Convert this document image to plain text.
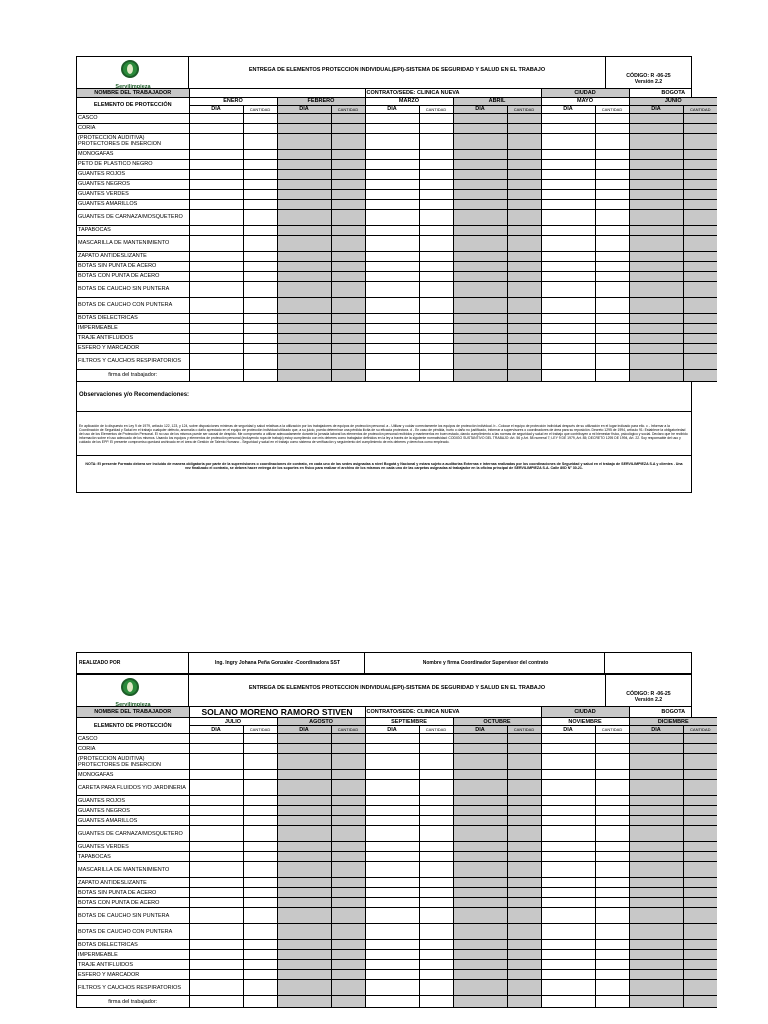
Servilimpieza
ENTREGA DE ELEMENTOS PROTECCION INDIVIDUAL(EPI)-SISTEMA DE SEGURIDAD Y SALUD EN EL TRABAJO
CÓDIGO: R -06-25
Versión 2.2
NOMBRE DEL TRABAJADOR					CONTRATO/SEDE: CLINICA NUEVA				CIUDAD		BOGOTA	
ELEMENTO DE PROTECCIÓN	ENERO		FEBRERO		MARZO		ABRIL		MAYO		JUNIO	
	DIA	CANTIDAD	DIA	CANTIDAD	DIA	CANTIDAD	DIA	CANTIDAD	DIA	CANTIDAD	DIA	CANTIDAD
CASCO												
CORIA												
(PROTECCION AUDITIVA) PROTECTORES DE INSERCION												
MONOGAFAS												
PETO DE PLASTICO NEGRO												
GUANTES ROJOS												
GUANTES NEGROS												
GUANTES VERDES												
GUANTES AMARILLOS												
GUANTES DE CARNAZA/MOSQUETERO												
TAPABOCAS												
MASCARILLA DE MANTENIMIENTO												
ZAPATO ANTIDESLIZANTE												
BOTAS SIN PUNTA DE ACERO												
BOTAS CON PUNTA DE ACERO												
BOTAS DE CAUCHO SIN PUNTERA												
BOTAS DE CAUCHO CON PUNTERA												
BOTAS DIELECTRICAS												
IMPERMEABLE												
TRAJE ANTIFLUIDOS												
ESFERO Y MARCADOR												
FILTROS Y CAUCHOS RESPIRATORIOS												
firma del trabajador:												
Observaciones y/o Recomendaciones:
En aplicación de lo dispuesto en Ley 9 de 1979, artículo 122, 123, y 124, sobre disposiciones mínimas de seguridad y salud relativas a la utilización por los trabajadores de equipos de protección personal. a - Utilizar y cuidar correctamente los equipos de protección individual. b - Colocar el equipo de protección individual después de su utilización en el lugar indicado para ello. c - Informar a la Coordinación de Seguridad y Salud en el trabajo cualquier defecto, anomalía o daño apreciado en el equipo de protección individual utilizado que, a su juicio, pueda determinar una pérdida ilícita de su eficacia protectora. d - En caso de pérdida, hurto o daño no justificado, informar a supervisores o coordinadores de área para su reposición. Decreto 1295 de 1994, artículo 91: Establece la obligatoriedad del uso de los Elementos de Protección Personal. El no uso de los mismos puede ser causal de despido. Me comprometo a utilizar adecuadamente durante la jornada laboral los elementos de protección personal recibidos y mantenerlos en buen estado, dando cumplimiento a las normas de seguridad y salud en el trabajo que contribuyen a mi bienestar físico, psicológico y social. Declaro que he recibido información sobre el uso adecuado de los mismos. Usando los equipos y elementos de protección personal (incluyendo ropa de trabajo) estoy cumpliendo con mis deberes como trabajador definidos en la ley a través de la siguiente normatividad: CODIGO SUSTANTIVO DEL TRABAJO: Art. 56 y Art. 58 numeral 7; LEY 9 DE 1979, Art. 85; DECRETO 1295 DE 1994, Art. 22. Soy responsable del uso y cuidado de los EPP. El presente compromiso quedará archivado en el área de Gestión de Talento Humano - Seguridad y salud en el trabajo como sistema de verificación y seguimiento del cumplimiento de mis deberes y derechos como empleado.
NOTA: El presente Formato debera ser incluido de manera obligatoria por parte de la supervisiones o coordinaciones de contrato, en cada uno de las sedes asignadas a nivel Bogotá y Nacional y estara sujeto a auditorias Externas e internas realizadas por los coordinaciones de Seguridad y salud en el trabajo de SERVILIMPIEZA S.A y clientes . Una vez finalizado el contrato, se debera hacer entrega de los soportes en fisico para realizar el archivo de los mismos en cada uno de las carpetas asignadas al trabajador en la oficina principal de SERVILIMPIEZA S.A. Calle 80D N° 30-21.
REALIZADO POR	Ing. Ingry Johana Peña Gonzalez -Coordinadora SST	Nombre y firma Coordinador Supervisor del contrato
Servilimpieza
ENTREGA DE ELEMENTOS PROTECCION INDIVIDUAL(EPI)-SISTEMA DE SEGURIDAD Y SALUD EN EL TRABAJO
CÓDIGO: R -06-25
Versión 2.2
NOMBRE DEL TRABAJADOR	SOLANO MORENO RAMORO STIVEN				CONTRATO/SEDE: CLINICA NUEVA				CIUDAD		BOGOTA	
ELEMENTO DE PROTECCIÓN	JULIO		AGOSTO		SEPTIEMBRE		OCTUBRE		NOVIEMBRE		DICIEMBRE	
	DIA	CANTIDAD	DIA	CANTIDAD	DIA	CANTIDAD	DIA	CANTIDAD	DIA	CANTIDAD	DIA	CANTIDAD
CASCO												
CORIA												
(PROTECCION AUDITIVA) PROTECTORES DE INSERCION												
MONOGAFAS												
CARETA PARA FLUIDOS Y/O JARDINERIA												
GUANTES ROJOS												
GUANTES NEGROS												
GUANTES AMARILLOS												
GUANTES DE CARNAZA/MOSQUETERO												
GUANTES VERDES												
TAPABOCAS												
MASCARILLA DE MANTENIMIENTO												
ZAPATO ANTIDESLIZANTE												
BOTAS SIN PUNTA DE ACERO												
BOTAS CON PUNTA DE ACERO												
BOTAS DE CAUCHO SIN PUNTERA												
BOTAS DE CAUCHO CON PUNTERA												
BOTAS DIELECTRICAS												
IMPERMEABLE												
TRAJE ANTIFLUIDOS												
ESFERO Y MARCADOR												
FILTROS Y CAUCHOS RESPIRATORIOS												
firma del trabajador:												
